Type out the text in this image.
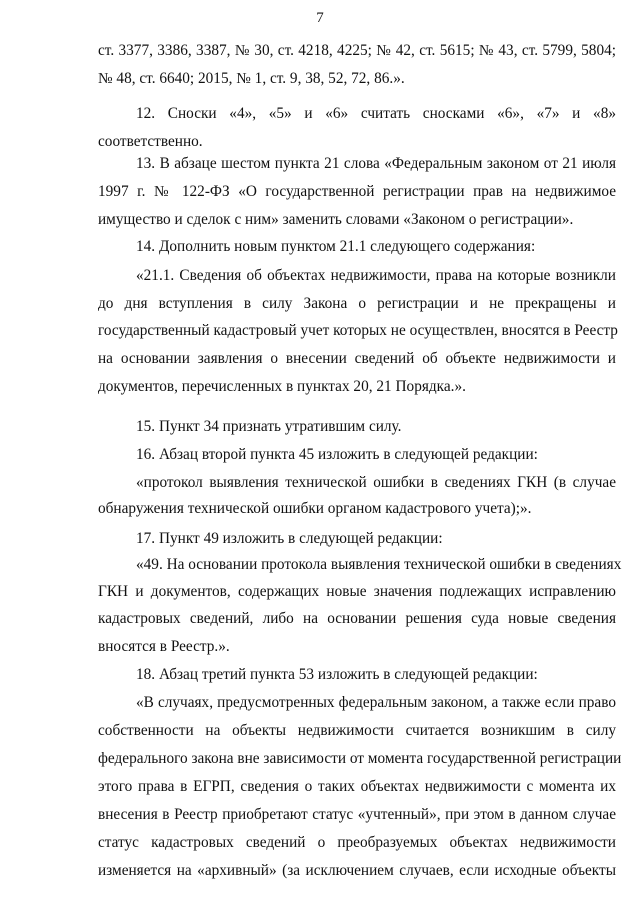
7
ст. 3377, 3386, 3387, № 30, ст. 4218, 4225; № 42, ст. 5615; № 43, ст. 5799, 5804;
№ 48, ст. 6640; 2015, № 1, ст. 9, 38, 52, 72, 86.».
12. Сноски «4», «5» и «6» считать сносками «6», «7» и «8»
соответственно.
13. В абзаце шестом пункта 21 слова «Федеральным законом от 21 июля
1997 г. № 122-ФЗ «О государственной регистрации прав на недвижимое
имущество и сделок с ним» заменить словами «Законом о регистрации».
14. Дополнить новым пунктом 21.1 следующего содержания:
«21.1. Сведения об объектах недвижимости, права на которые возникли
до дня вступления в силу Закона о регистрации и не прекращены и
государственный кадастровый учет которых не осуществлен, вносятся в Реестр
на основании заявления о внесении сведений об объекте недвижимости и
документов, перечисленных в пунктах 20, 21 Порядка.».
15. Пункт 34 признать утратившим силу.
16. Абзац второй пункта 45 изложить в следующей редакции:
«протокол выявления технической ошибки в сведениях ГКН (в случае
обнаружения технической ошибки органом кадастрового учета);».
17. Пункт 49 изложить в следующей редакции:
«49. На основании протокола выявления технической ошибки в сведениях
ГКН и документов, содержащих новые значения подлежащих исправлению
кадастровых сведений, либо на основании решения суда новые сведения
вносятся в Реестр.».
18. Абзац третий пункта 53 изложить в следующей редакции:
«В случаях, предусмотренных федеральным законом, а также если право
собственности на объекты недвижимости считается возникшим в силу
федерального закона вне зависимости от момента государственной регистрации
этого права в ЕГРП, сведения о таких объектах недвижимости с момента их
внесения в Реестр приобретают статус «учтенный», при этом в данном случае
статус кадастровых сведений о преобразуемых объектах недвижимости
изменяется на «архивный» (за исключением случаев, если исходные объекты
